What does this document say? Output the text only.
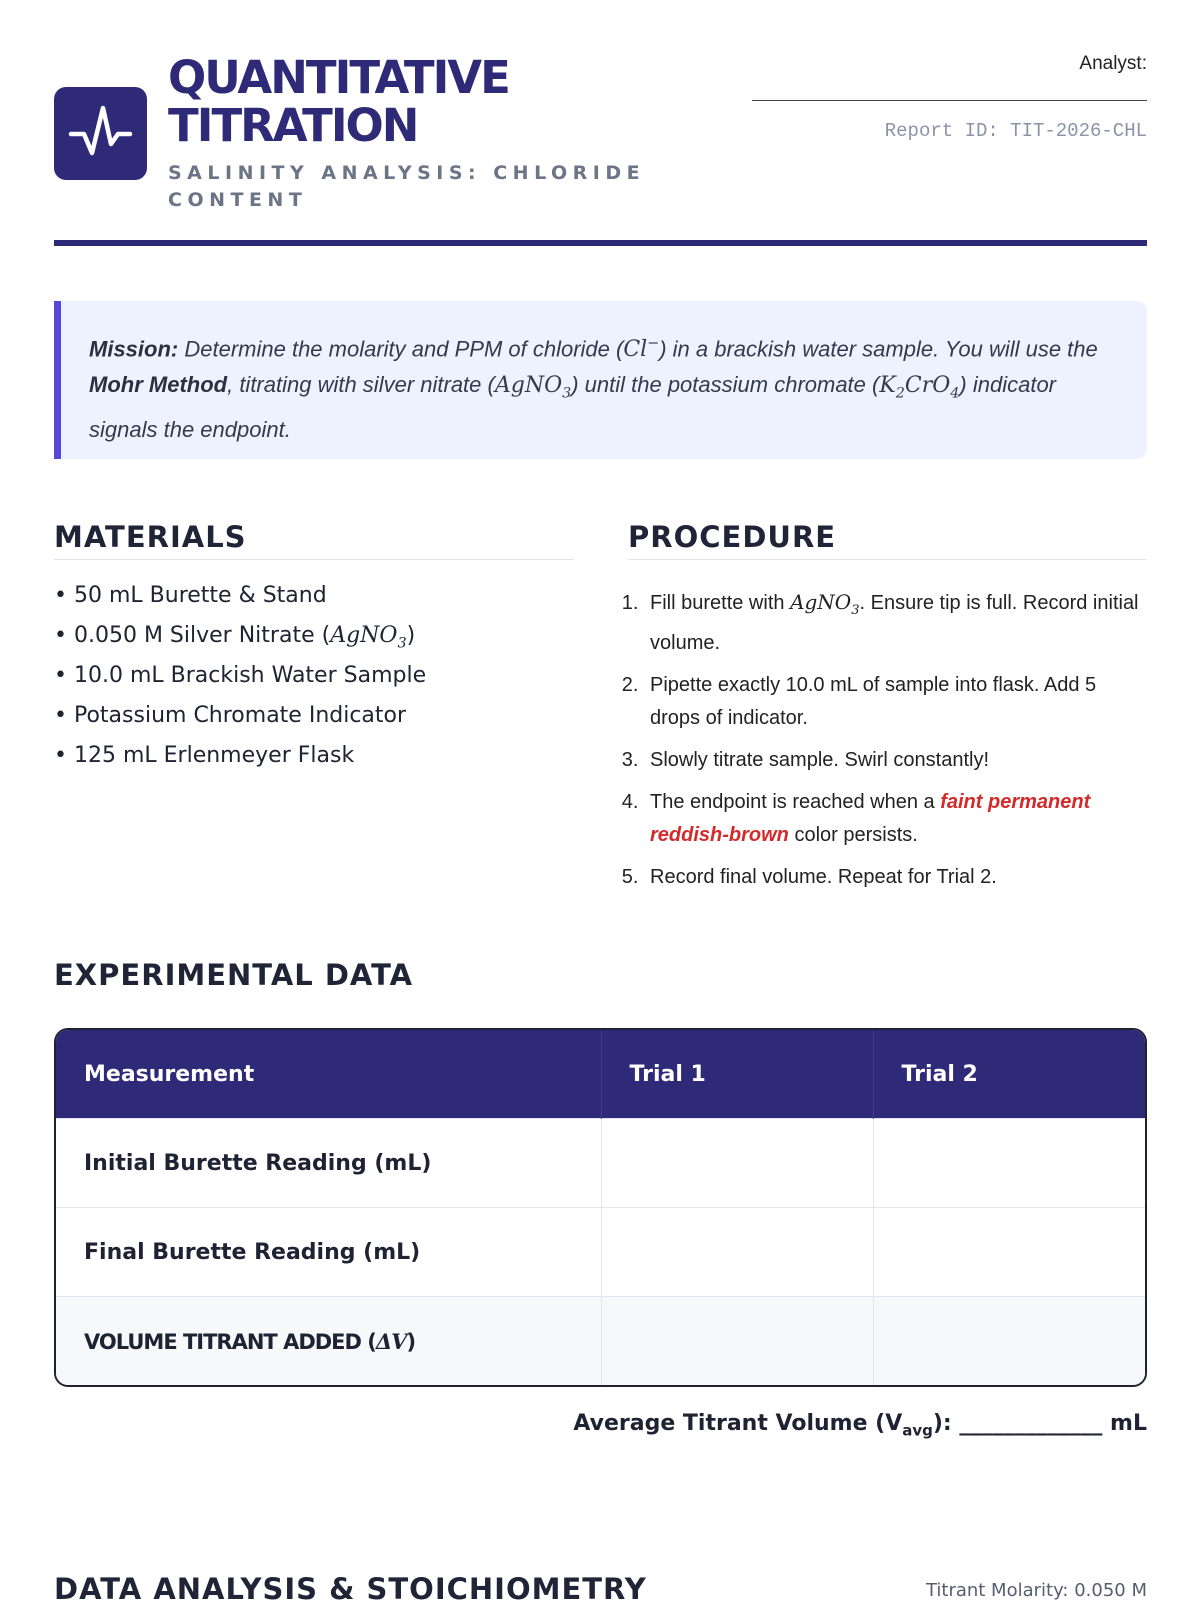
QUANTITATIVE
TITRATION
SALINITY ANALYSIS: CHLORIDE CONTENT
Analyst:
Report ID: TIT-2026-CHL
Mission: Determine the molarity and PPM of chloride (Cl−) in a brackish water sample. You will use the Mohr Method, titrating with silver nitrate (AgNO$_3$) until the potassium chromate $(K_2CrO_4)$ indicator signals the endpoint.
MATERIALS
• 50 mL Burette & Stand
• 0.050 M Silver Nitrate (AgNO$_3$)
• 10.0 mL Brackish Water Sample
• Potassium Chromate Indicator
• 125 mL Erlenmeyer Flask
PROCEDURE
1. Fill burette with AgNO$_3$. Ensure tip is full. Record initial volume.
2. Pipette exactly 10.0 mL of sample into flask. Add 5 drops of indicator.
3. Slowly titrate sample. Swirl constantly!
4. The endpoint is reached when a faint permanent reddish-brown color persists.
5. Record final volume. Repeat for Trial 2.
EXPERIMENTAL DATA
Measurement	Trial 1	Trial 2
Initial Burette Reading (mL)		
Final Burette Reading (mL)		
VOLUME TITRANT ADDED (ΔV)		
Average Titrant Volume $(V_{avg})$: _____________ mL
DATA ANALYSIS & STOICHIOMETRY	Titrant Molarity: 0.050 M
